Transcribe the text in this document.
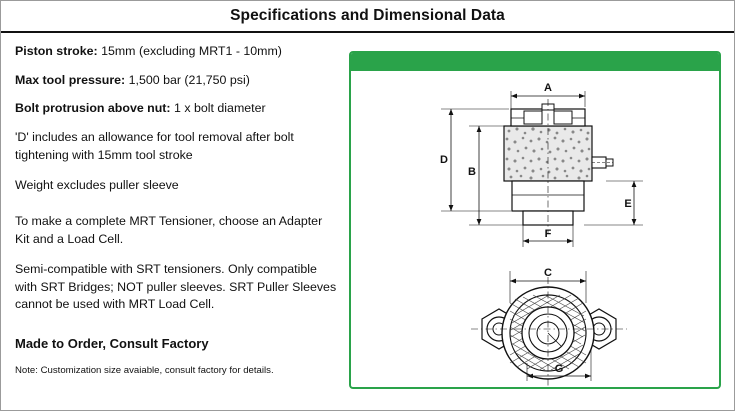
Specifications and Dimensional Data
Piston stroke: 15mm (excluding MRT1 - 10mm)
Max tool pressure: 1,500 bar (21,750 psi)
Bolt protrusion above nut: 1 x bolt diameter
'D' includes an allowance for tool removal after bolt tightening with 15mm tool stroke
Weight excludes puller sleeve
To make a complete MRT Tensioner, choose an Adapter Kit and a Load Cell.
Semi-compatible with SRT tensioners. Only compatible with SRT Bridges; NOT puller sleeves. SRT Puller Sleeves cannot be used with MRT Load Cell.
Made to Order, Consult Factory
Note: Customization size avaiable, consult factory for details.
A
D
B
E
F
C
G
